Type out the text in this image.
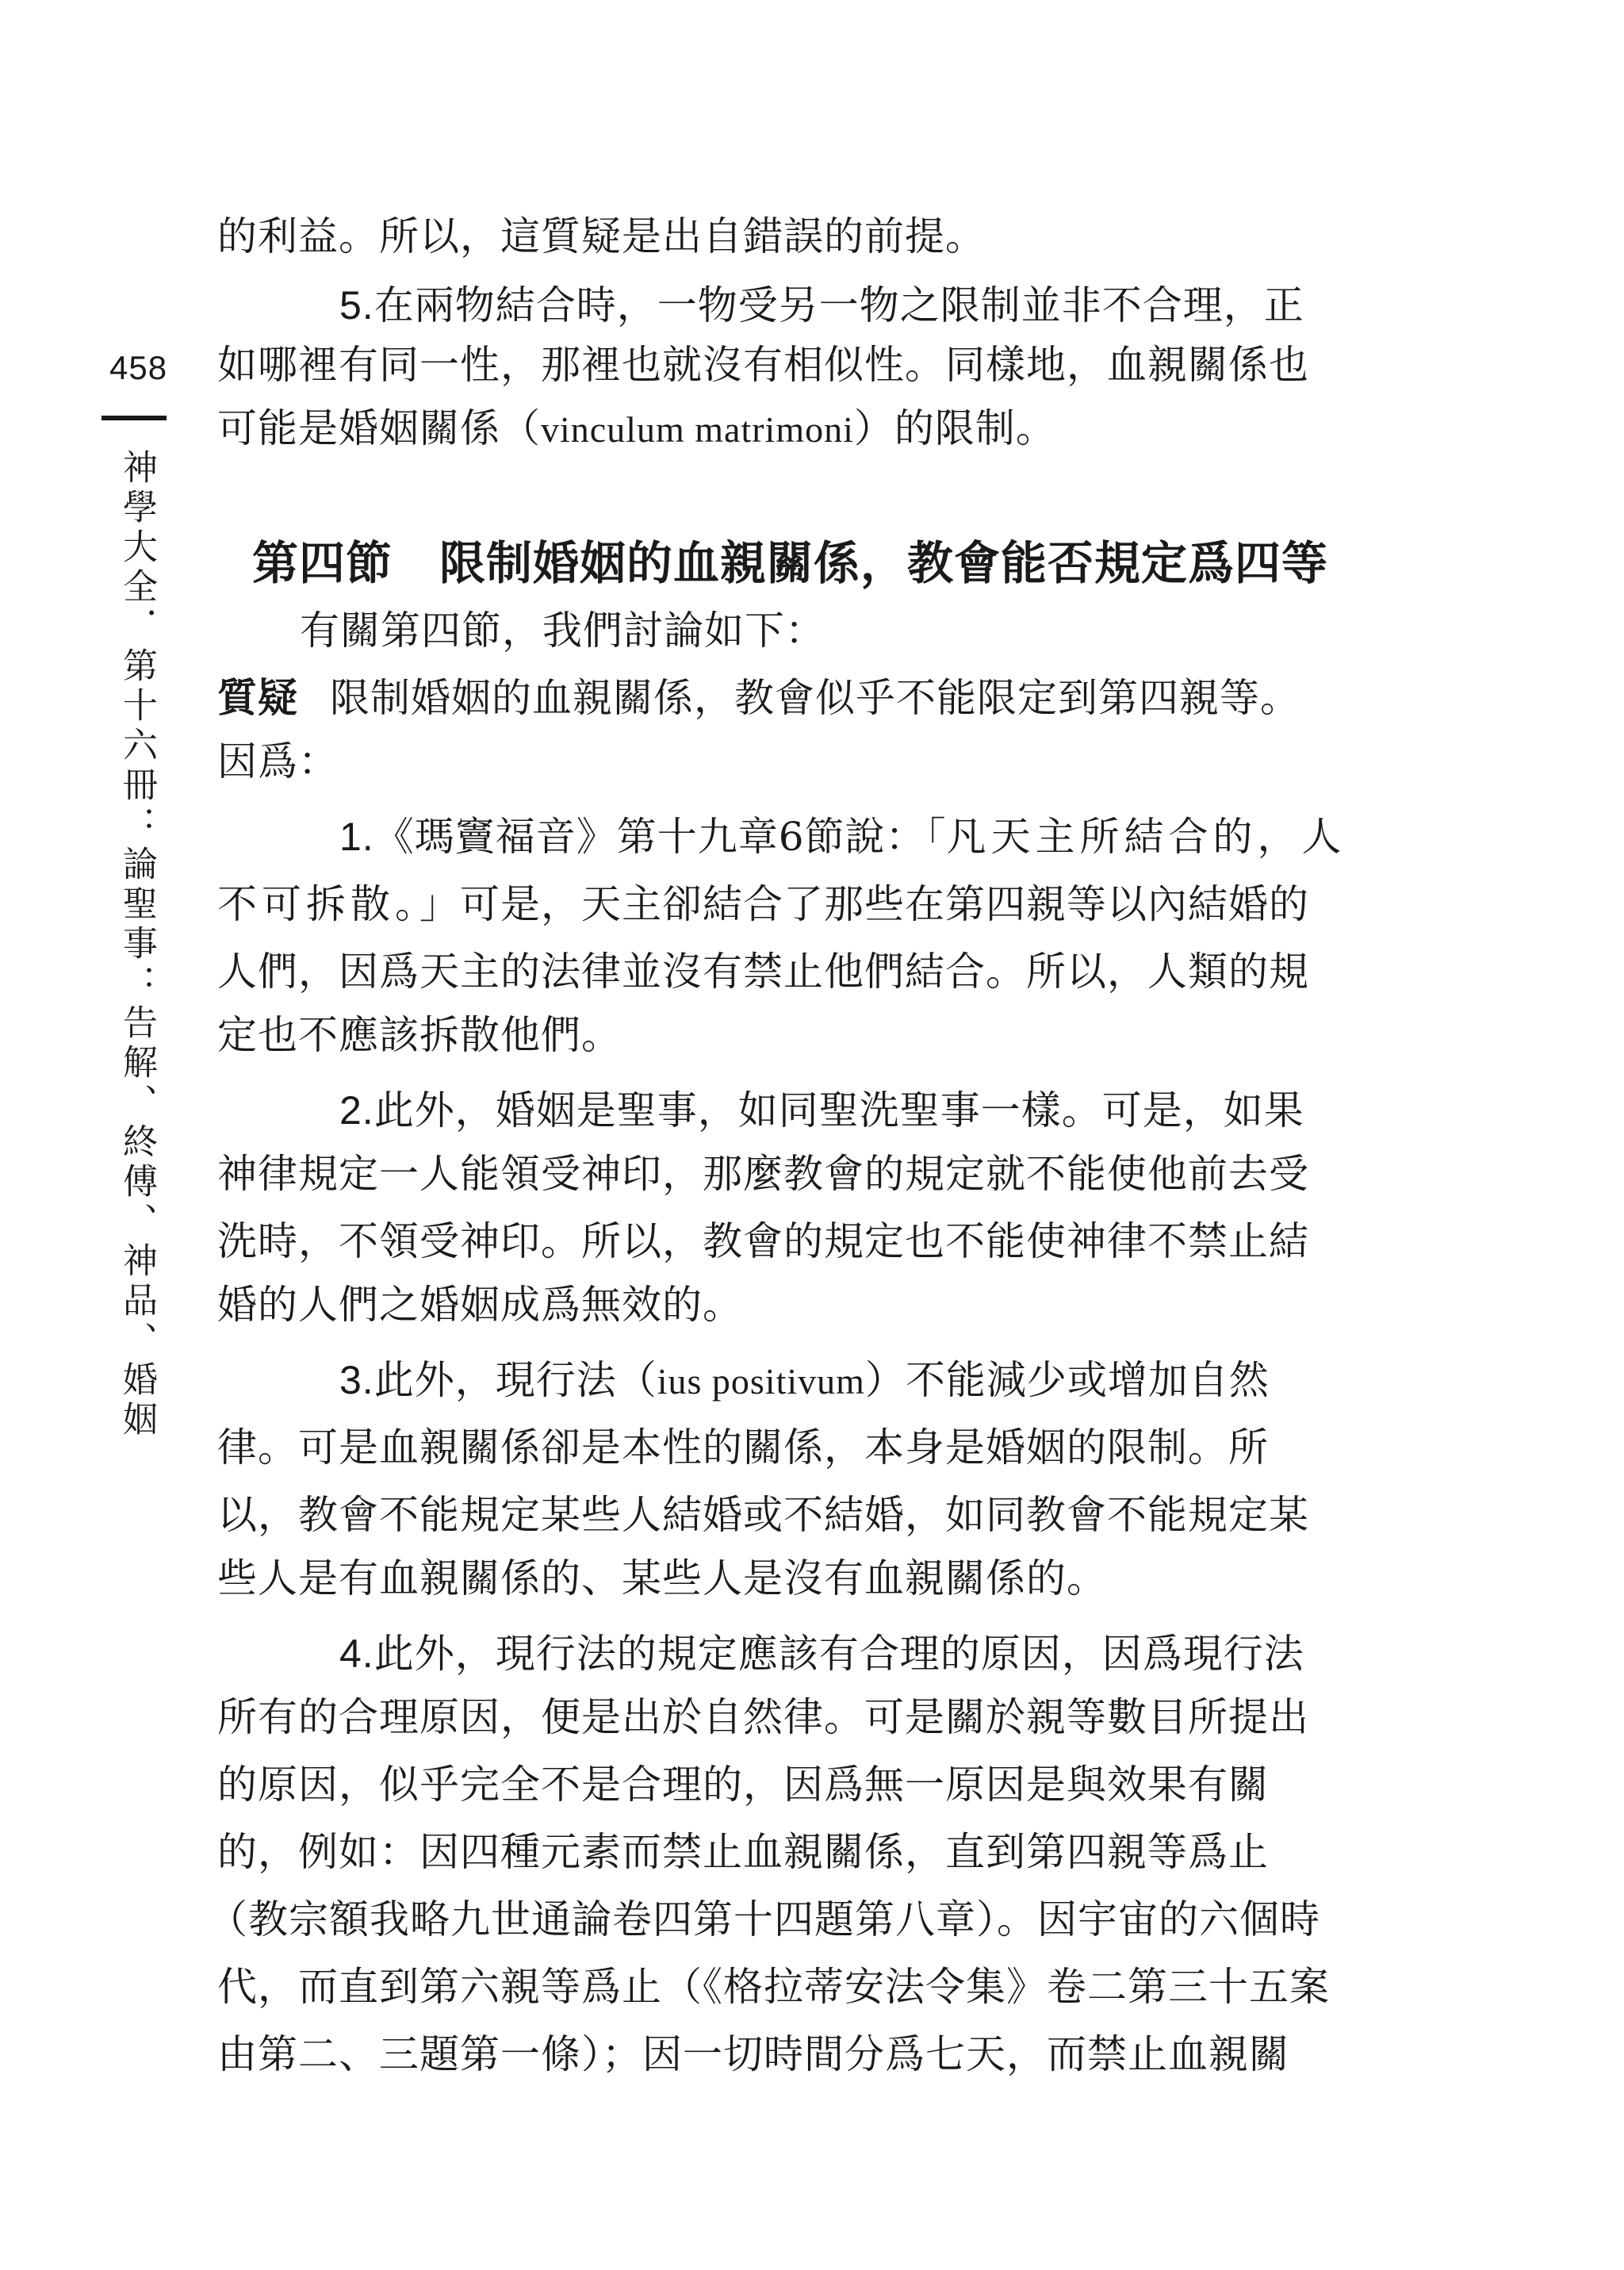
458
神學大全．第十六冊：論聖事：告解、終傅、神品、婚姻
的利益。所以，這質疑是出自錯誤的前提。
5.在兩物結合時，一物受另一物之限制並非不合理，正
如哪裡有同一性，那裡也就沒有相似性。同樣地，血親關係也
可能是婚姻關係（vinculum matrimoni）的限制。
第四節　限制婚姻的血親關係，教會能否規定爲四等
有關第四節，我們討論如下：
質疑 限制婚姻的血親關係，教會似乎不能限定到第四親等。
因爲：
1.《瑪竇福音》第十九章6節說：「凡天主所結合的，人
不可拆散。」可是，天主卻結合了那些在第四親等以內結婚的
人們，因爲天主的法律並沒有禁止他們結合。所以，人類的規
定也不應該拆散他們。
2.此外，婚姻是聖事，如同聖洗聖事一樣。可是，如果
神律規定一人能領受神印，那麼教會的規定就不能使他前去受
洗時，不領受神印。所以，教會的規定也不能使神律不禁止結
婚的人們之婚姻成爲無效的。
3.此外，現行法（ius positivum）不能減少或增加自然
律。可是血親關係卻是本性的關係，本身是婚姻的限制。所
以，教會不能規定某些人結婚或不結婚，如同教會不能規定某
些人是有血親關係的、某些人是沒有血親關係的。
4.此外，現行法的規定應該有合理的原因，因爲現行法
所有的合理原因，便是出於自然律。可是關於親等數目所提出
的原因，似乎完全不是合理的，因爲無一原因是與效果有關
的，例如：因四種元素而禁止血親關係，直到第四親等爲止
（教宗額我略九世通論卷四第十四題第八章）。因宇宙的六個時
代，而直到第六親等爲止（《格拉蒂安法令集》卷二第三十五案
由第二、三題第一條）；因一切時間分爲七天，而禁止血親關
